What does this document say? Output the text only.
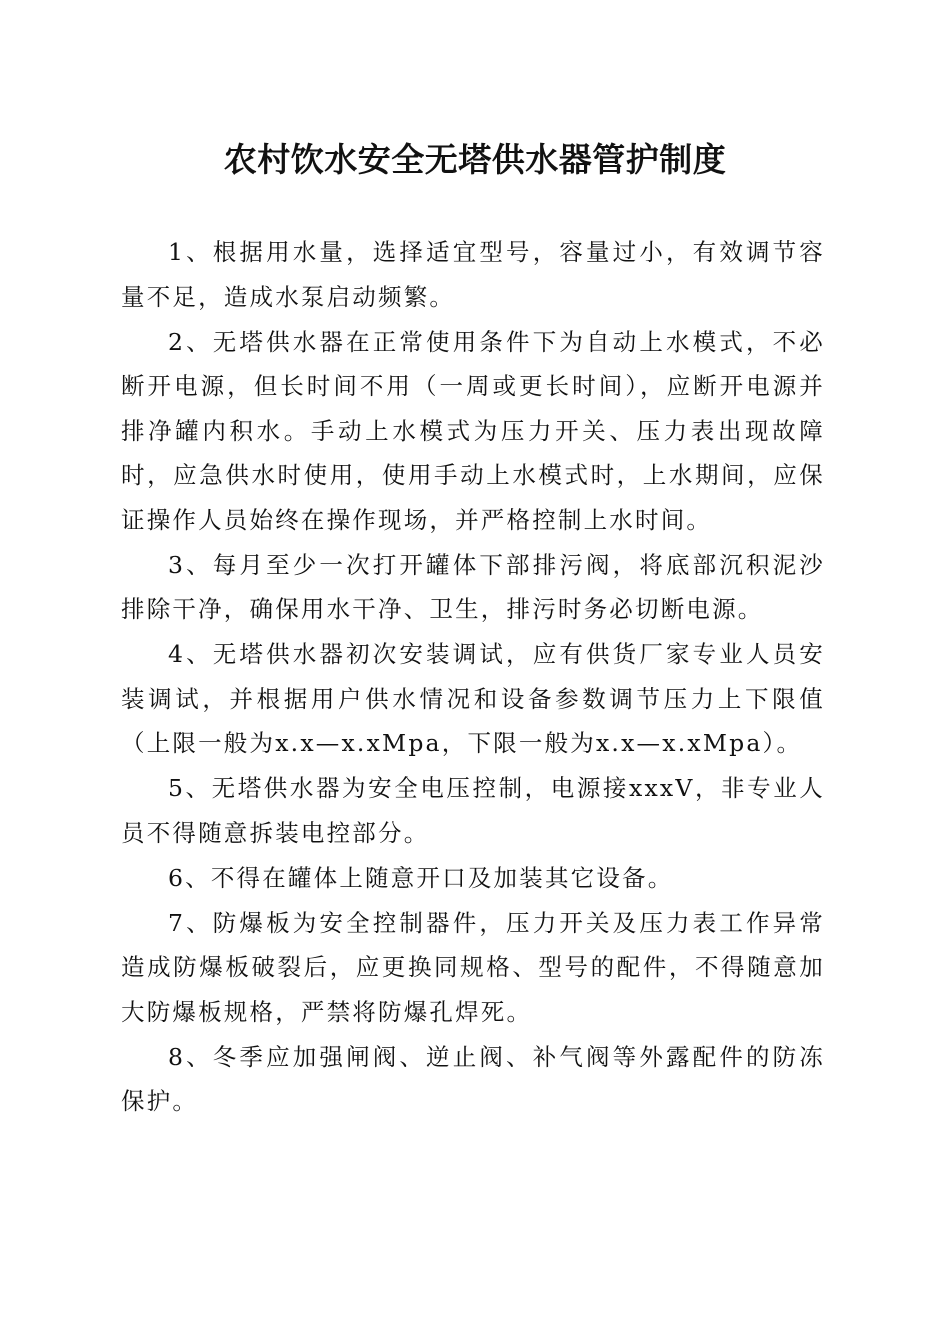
农村饮水安全无塔供水器管护制度

1、根据用水量，选择适宜型号，容量过小，有效调节容量不足，造成水泵启动频繁。

2、无塔供水器在正常使用条件下为自动上水模式，不必断开电源，但长时间不用（一周或更长时间），应断开电源并排净罐内积水。手动上水模式为压力开关、压力表出现故障时，应急供水时使用，使用手动上水模式时，上水期间，应保证操作人员始终在操作现场，并严格控制上水时间。

3、每月至少一次打开罐体下部排污阀，将底部沉积泥沙排除干净，确保用水干净、卫生，排污时务必切断电源。

4、无塔供水器初次安装调试，应有供货厂家专业人员安装调试，并根据用户供水情况和设备参数调节压力上下限值（上限一般为x.x—x.xMpa，下限一般为x.x—x.xMpa）。

5、无塔供水器为安全电压控制，电源接xxxV，非专业人员不得随意拆装电控部分。

6、不得在罐体上随意开口及加装其它设备。

7、防爆板为安全控制器件，压力开关及压力表工作异常造成防爆板破裂后，应更换同规格、型号的配件，不得随意加大防爆板规格，严禁将防爆孔焊死。

8、冬季应加强闸阀、逆止阀、补气阀等外露配件的防冻保护。
